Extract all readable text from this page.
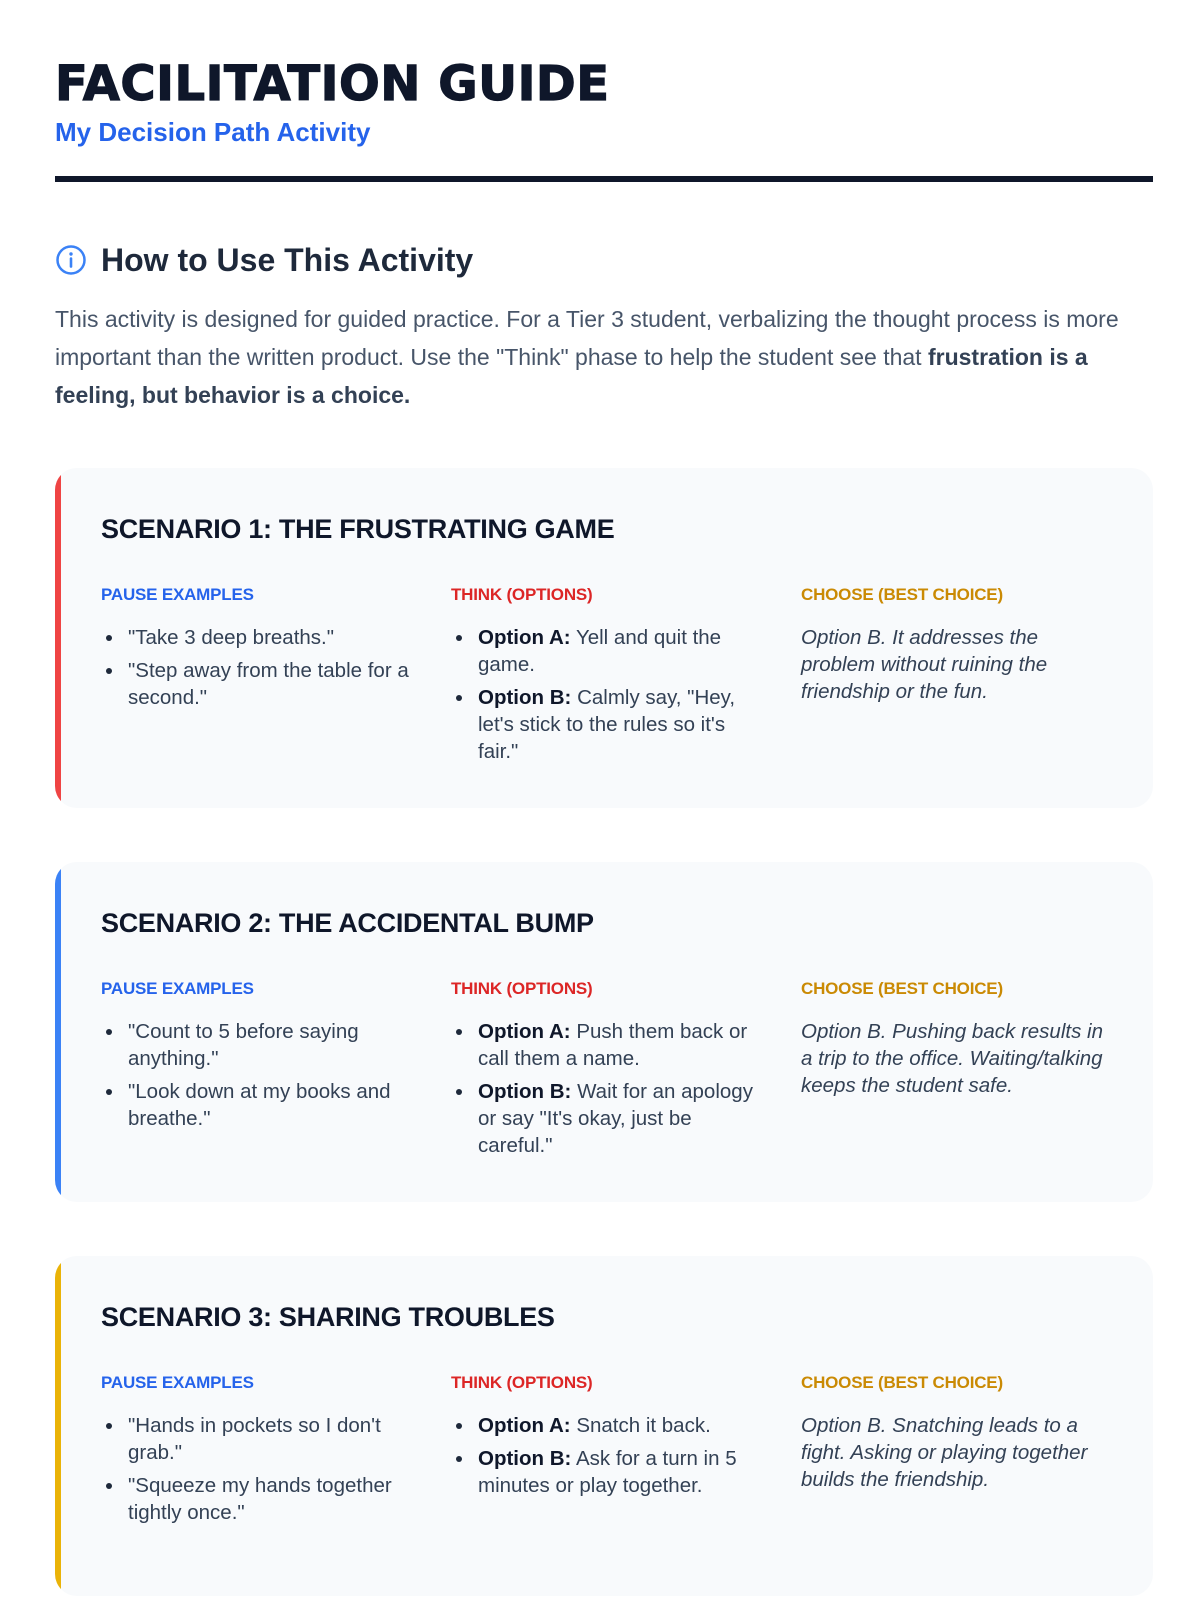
FACILITATION GUIDE
My Decision Path Activity
How to Use This Activity
This activity is designed for guided practice. For a Tier 3 student, verbalizing the thought process is more important than the written product. Use the "Think" phase to help the student see that frustration is a feeling, but behavior is a choice.
SCENARIO 1: THE FRUSTRATING GAME
PAUSE EXAMPLES
"Take 3 deep breaths."
"Step away from the table for a second."
THINK (OPTIONS)
Option A: Yell and quit the game.
Option B: Calmly say, "Hey, let's stick to the rules so it's fair."
CHOOSE (BEST CHOICE)
Option B. It addresses the problem without ruining the friendship or the fun.
SCENARIO 2: THE ACCIDENTAL BUMP
PAUSE EXAMPLES
"Count to 5 before saying anything."
"Look down at my books and breathe."
THINK (OPTIONS)
Option A: Push them back or call them a name.
Option B: Wait for an apology or say "It's okay, just be careful."
CHOOSE (BEST CHOICE)
Option B. Pushing back results in a trip to the office. Waiting/talking keeps the student safe.
SCENARIO 3: SHARING TROUBLES
PAUSE EXAMPLES
"Hands in pockets so I don't grab."
"Squeeze my hands together tightly once."
THINK (OPTIONS)
Option A: Snatch it back.
Option B: Ask for a turn in 5 minutes or play together.
CHOOSE (BEST CHOICE)
Option B. Snatching leads to a fight. Asking or playing together builds the friendship.
